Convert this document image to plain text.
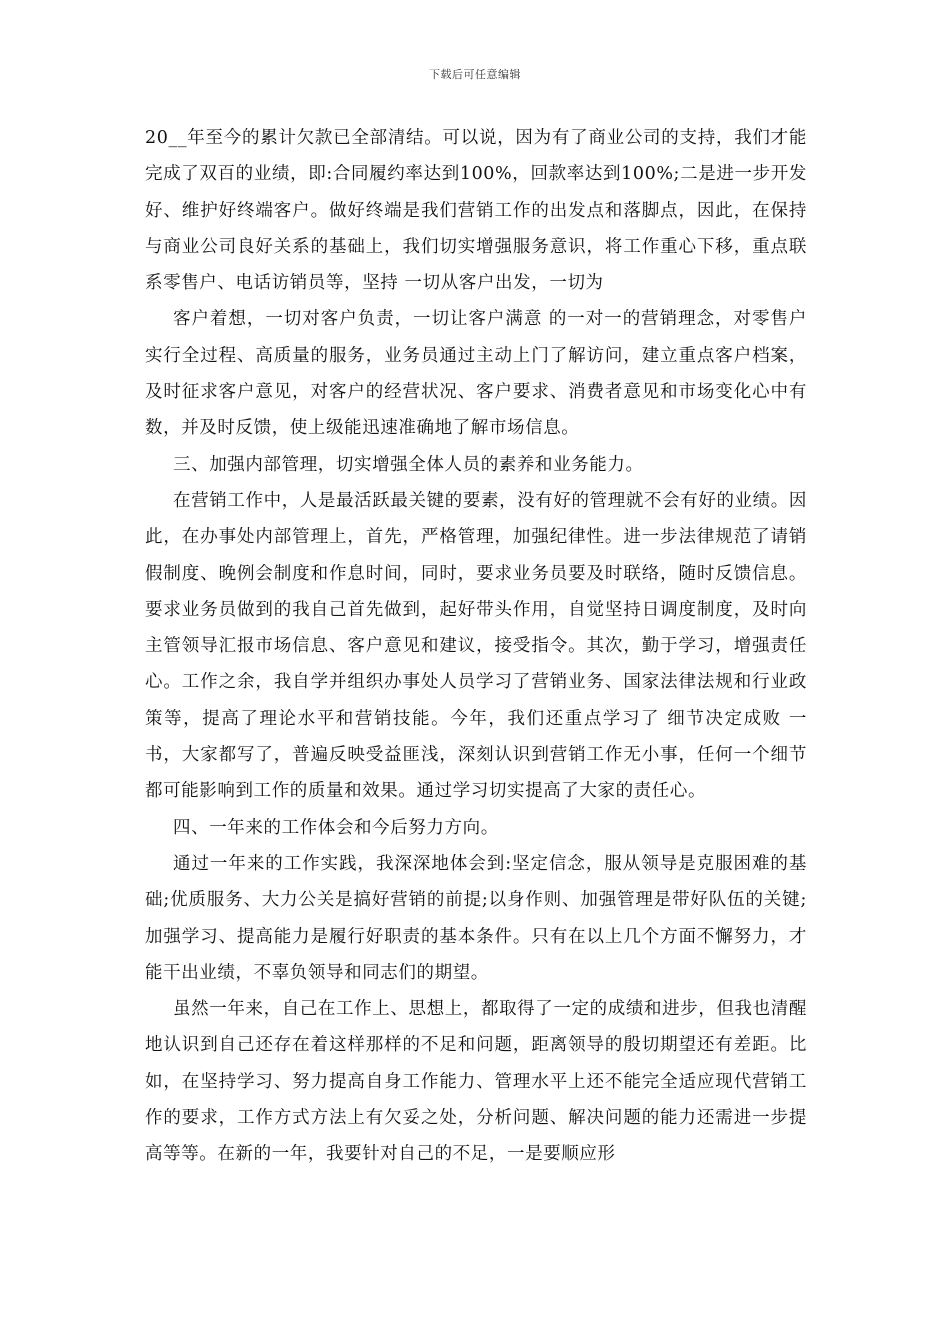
下载后可任意编辑

20__年至今的累计欠款已全部清结。可以说，因为有了商业公司的支持，我们才能完成了双百的业绩，即:合同履约率达到100%，回款率达到100%;二是进一步开发好、维护好终端客户。做好终端是我们营销工作的出发点和落脚点，因此，在保持与商业公司良好关系的基础上，我们切实增强服务意识，将工作重心下移，重点联系零售户、电话访销员等，坚持 一切从客户出发，一切为

客户着想，一切对客户负责，一切让客户满意 的一对一的营销理念，对零售户实行全过程、高质量的服务，业务员通过主动上门了解访问，建立重点客户档案，及时征求客户意见，对客户的经营状况、客户要求、消费者意见和市场变化心中有数，并及时反馈，使上级能迅速准确地了解市场信息。

三、加强内部管理，切实增强全体人员的素养和业务能力。

在营销工作中，人是最活跃最关键的要素，没有好的管理就不会有好的业绩。因此，在办事处内部管理上，首先，严格管理，加强纪律性。进一步法律规范了请销假制度、晚例会制度和作息时间，同时，要求业务员要及时联络，随时反馈信息。要求业务员做到的我自己首先做到，起好带头作用，自觉坚持日调度制度，及时向主管领导汇报市场信息、客户意见和建议，接受指令。其次，勤于学习，增强责任心。工作之余，我自学并组织办事处人员学习了营销业务、国家法律法规和行业政策等，提高了理论水平和营销技能。今年，我们还重点学习了 细节决定成败 一书，大家都写了，普遍反映受益匪浅，深刻认识到营销工作无小事，任何一个细节都可能影响到工作的质量和效果。通过学习切实提高了大家的责任心。

四、一年来的工作体会和今后努力方向。

通过一年来的工作实践，我深深地体会到:坚定信念，服从领导是克服困难的基础;优质服务、大力公关是搞好营销的前提;以身作则、加强管理是带好队伍的关键;加强学习、提高能力是履行好职责的基本条件。只有在以上几个方面不懈努力，才能干出业绩，不辜负领导和同志们的期望。

虽然一年来，自己在工作上、思想上，都取得了一定的成绩和进步，但我也清醒地认识到自己还存在着这样那样的不足和问题，距离领导的殷切期望还有差距。比如，在坚持学习、努力提高自身工作能力、管理水平上还不能完全适应现代营销工作的要求，工作方式方法上有欠妥之处，分析问题、解决问题的能力还需进一步提高等等。在新的一年，我要针对自己的不足，一是要顺应形
